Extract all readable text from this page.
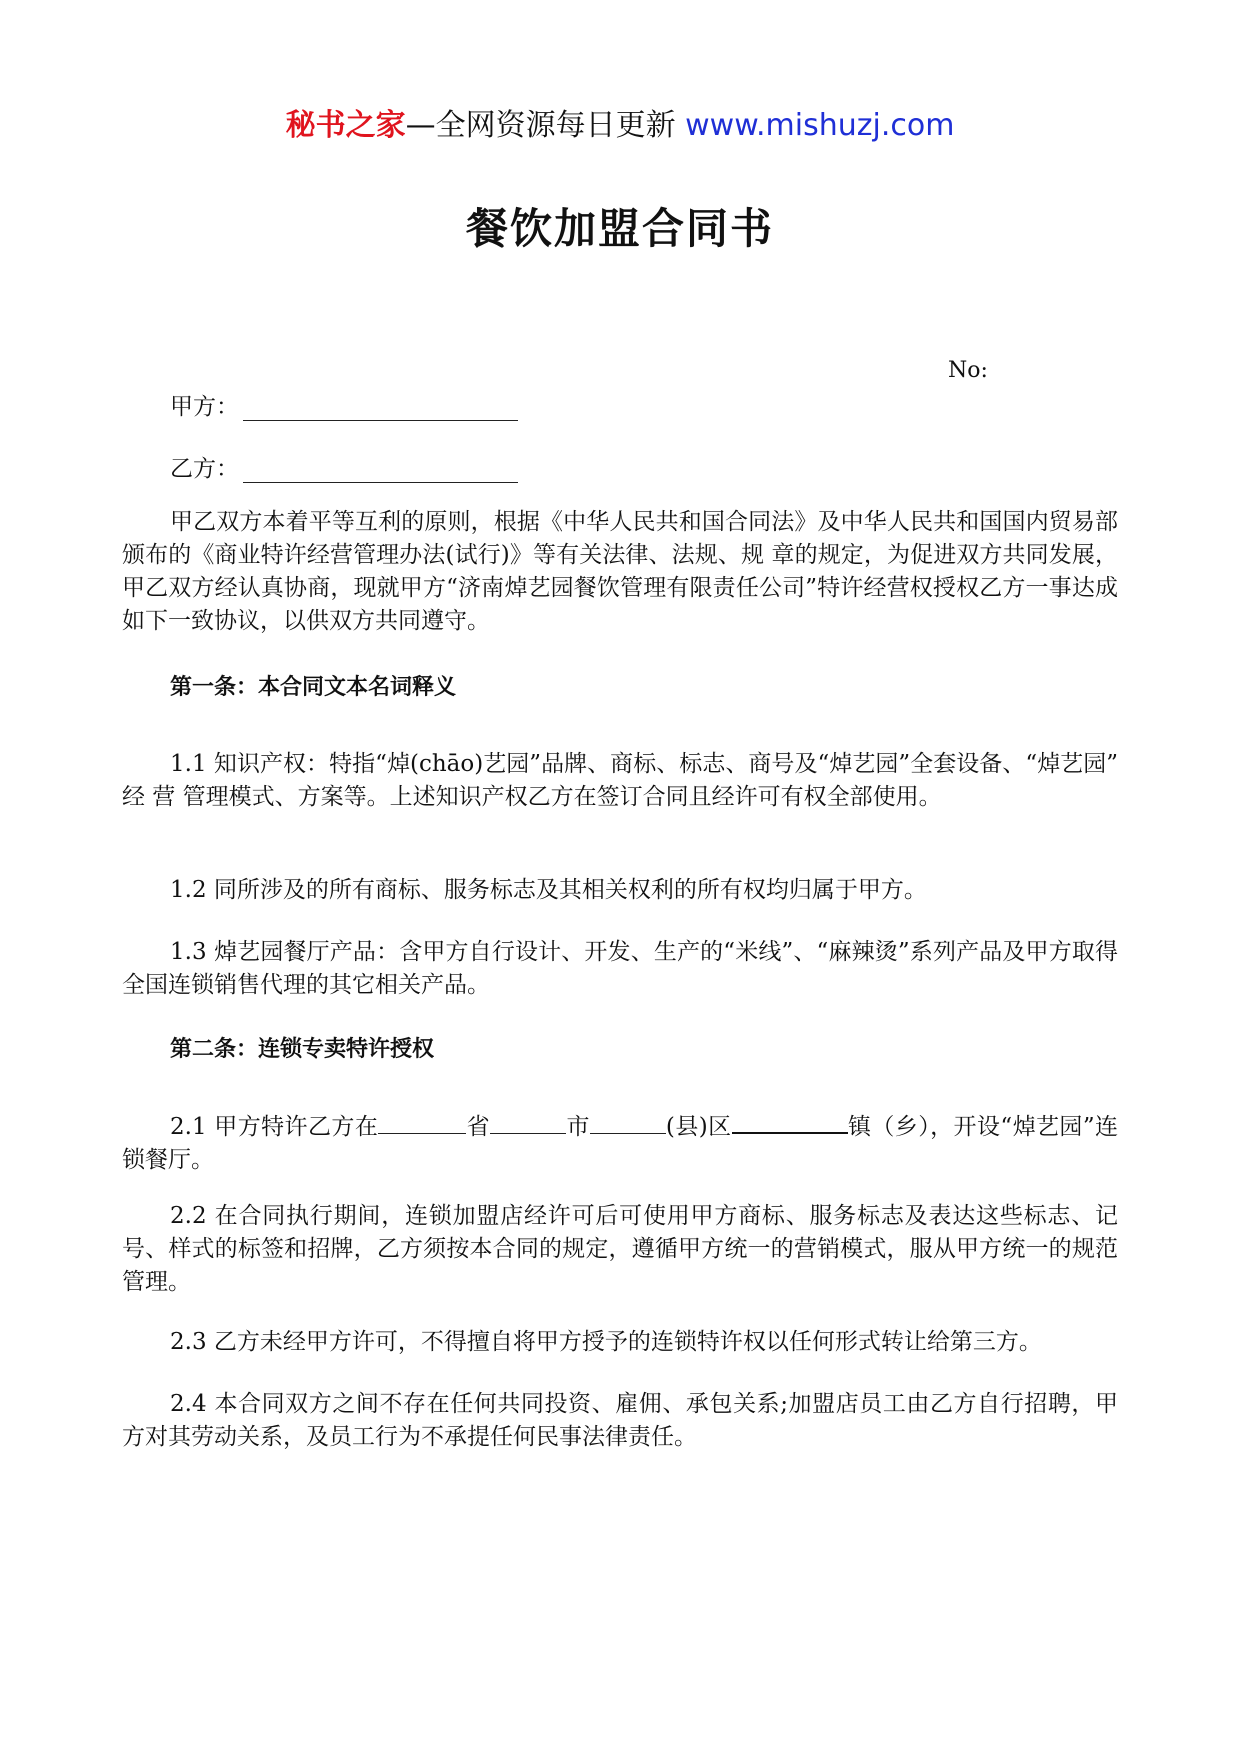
秘书之家—全网资源每日更新 www.mishuzj.com
餐饮加盟合同书
No:
甲方：
乙方：

甲乙双方本着平等互利的原则，根据《中华人民共和国合同法》及中华人民共和国国内贸易部颁布的《商业特许经营管理办法(试行)》等有关法律、法规、规 章的规定，为促进双方共同发展，甲乙双方经认真协商，现就甲方“济南焯艺园餐饮管理有限责任公司”特许经营权授权乙方一事达成如下一致协议，以供双方共同遵守。

第一条：本合同文本名词释义

1.1 知识产权：特指“焯(chāo)艺园”品牌、商标、标志、商号及“焯艺园”全套设备、“焯艺园” 经 营 管理模式、方案等。上述知识产权乙方在签订合同且经许可有权全部使用。

1.2 同所涉及的所有商标、服务标志及其相关权利的所有权均归属于甲方。

1.3 焯艺园餐厅产品：含甲方自行设计、开发、生产的“米线”、“麻辣烫”系列产品及甲方取得全国连锁销售代理的其它相关产品。

第二条：连锁专卖特许授权

2.1 甲方特许乙方在	省	市	(县)区	镇（乡），开设“焯艺园”连锁餐厅。

2.2 在合同执行期间，连锁加盟店经许可后可使用甲方商标、服务标志及表达这些标志、记号、样式的标签和招牌，乙方须按本合同的规定，遵循甲方统一的营销模式，服从甲方统一的规范管理。

2.3 乙方未经甲方许可，不得擅自将甲方授予的连锁特许权以任何形式转让给第三方。

2.4 本合同双方之间不存在任何共同投资、雇佣、承包关系;加盟店员工由乙方自行招聘，甲方对其劳动关系，及员工行为不承提任何民事法律责任。
